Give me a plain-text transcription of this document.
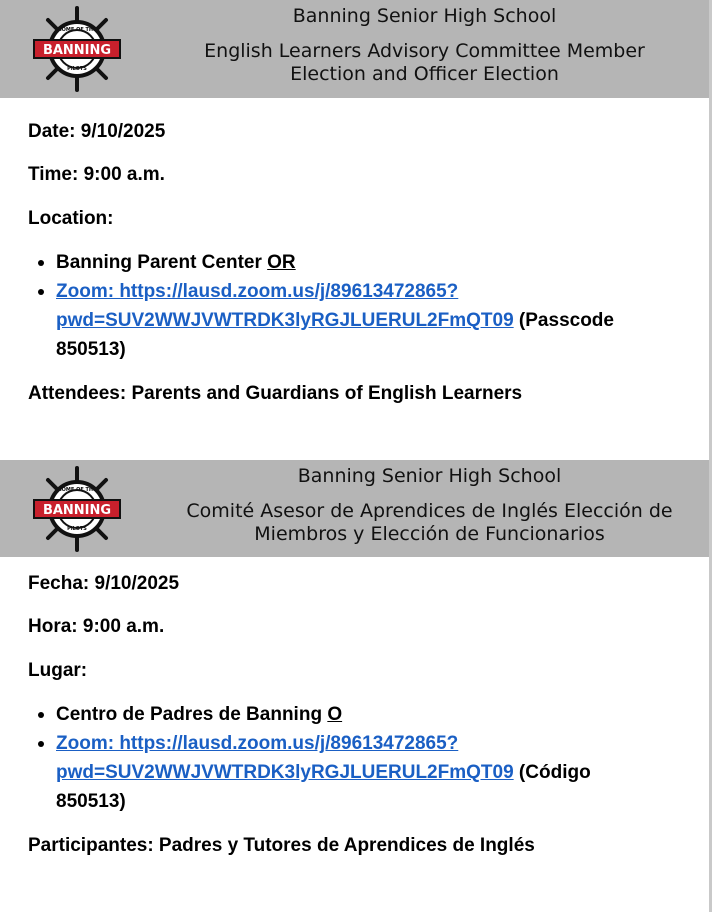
BANNING
HOME OF THE
PILOTS
Banning Senior High School
English Learners Advisory Committee Member
Election and Officer Election
Date: 9/10/2025
Time: 9:00 a.m.
Location:
Banning Parent Center OR
Zoom: https://lausd.zoom.us/j/89613472865?
pwd=SUV2WWJVWTRDK3lyRGJLUERUL2FmQT09 (Passcode
850513)
Attendees: Parents and Guardians of English Learners
BANNING
HOME OF THE
PILOTS
Banning Senior High School
Comité Asesor de Aprendices de Inglés Elección de
Miembros y Elección de Funcionarios
Fecha: 9/10/2025
Hora: 9:00 a.m.
Lugar:
Centro de Padres de Banning O
Zoom: https://lausd.zoom.us/j/89613472865?
pwd=SUV2WWJVWTRDK3lyRGJLUERUL2FmQT09 (Código
850513)
Participantes: Padres y Tutores de Aprendices de Inglés
